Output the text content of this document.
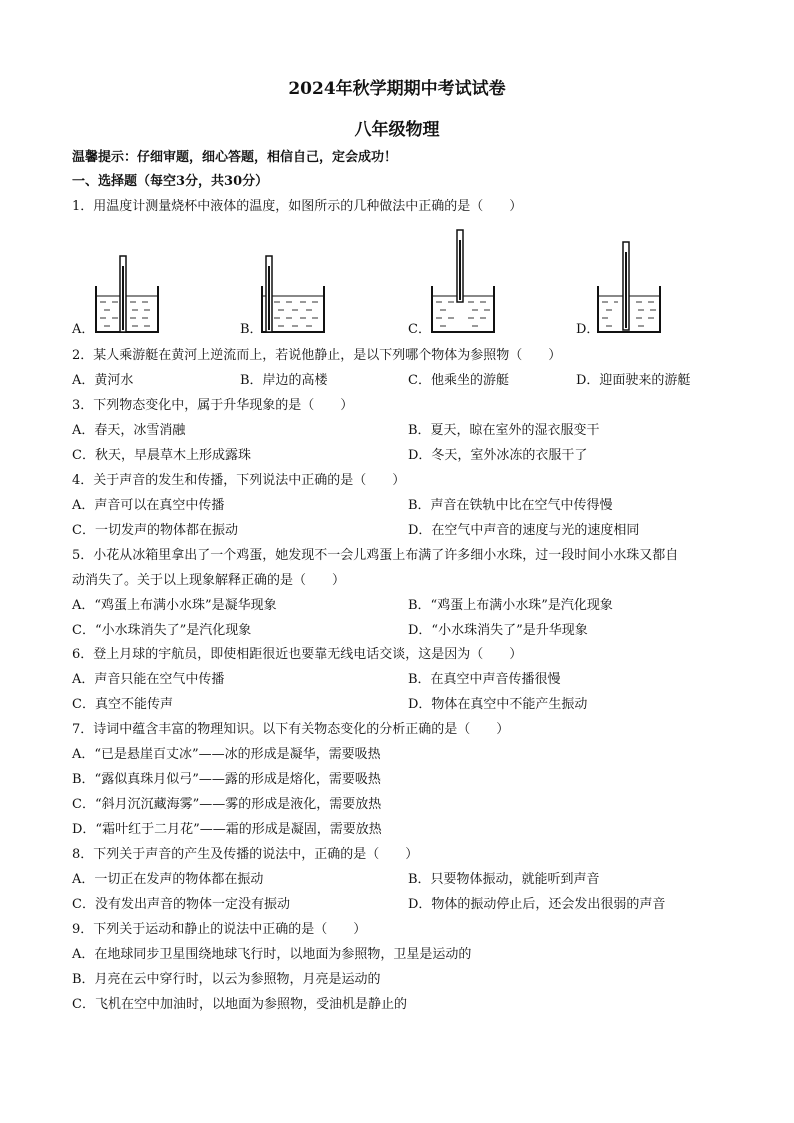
2024年秋学期期中考试试卷
八年级物理
温馨提示：仔细审题，细心答题，相信自己，定会成功！
一、选择题（每空3分，共30分）
1．用温度计测量烧杯中液体的温度，如图所示的几种做法中正确的是（　　）
A．	B．	C．	D．
2．某人乘游艇在黄河上逆流而上，若说他静止，是以下列哪个物体为参照物（　　）
A．黄河水	B．岸边的高楼	C．他乘坐的游艇	D．迎面驶来的游艇
3．下列物态变化中，属于升华现象的是（　　）
A．春天，冰雪消融	B．夏天，晾在室外的湿衣服变干
C．秋天，早晨草木上形成露珠	D．冬天，室外冰冻的衣服干了
4．关于声音的发生和传播，下列说法中正确的是（　　）
A．声音可以在真空中传播	B．声音在铁轨中比在空气中传得慢
C．一切发声的物体都在振动	D．在空气中声音的速度与光的速度相同
5．小花从冰箱里拿出了一个鸡蛋，她发现不一会儿鸡蛋上布满了许多细小水珠，过一段时间小水珠又都自
动消失了。关于以上现象解释正确的是（　　）
A．“鸡蛋上布满小水珠”是凝华现象	B．“鸡蛋上布满小水珠”是汽化现象
C．“小水珠消失了”是汽化现象	D．“小水珠消失了”是升华现象
6．登上月球的宇航员，即使相距很近也要靠无线电话交谈，这是因为（　　）
A．声音只能在空气中传播	B．在真空中声音传播很慢
C．真空不能传声	D．物体在真空中不能产生振动
7．诗词中蕴含丰富的物理知识。以下有关物态变化的分析正确的是（　　）
A．“已是悬崖百丈冰”——冰的形成是凝华，需要吸热
B．“露似真珠月似弓”——露的形成是熔化，需要吸热
C．“斜月沉沉藏海雾”——雾的形成是液化，需要放热
D．“霜叶红于二月花”——霜的形成是凝固，需要放热
8．下列关于声音的产生及传播的说法中，正确的是（　　）
A．一切正在发声的物体都在振动	B．只要物体振动，就能听到声音
C．没有发出声音的物体一定没有振动	D．物体的振动停止后，还会发出很弱的声音
9．下列关于运动和静止的说法中正确的是（　　）
A．在地球同步卫星围绕地球飞行时，以地面为参照物，卫星是运动的
B．月亮在云中穿行时，以云为参照物，月亮是运动的
C．飞机在空中加油时，以地面为参照物，受油机是静止的
